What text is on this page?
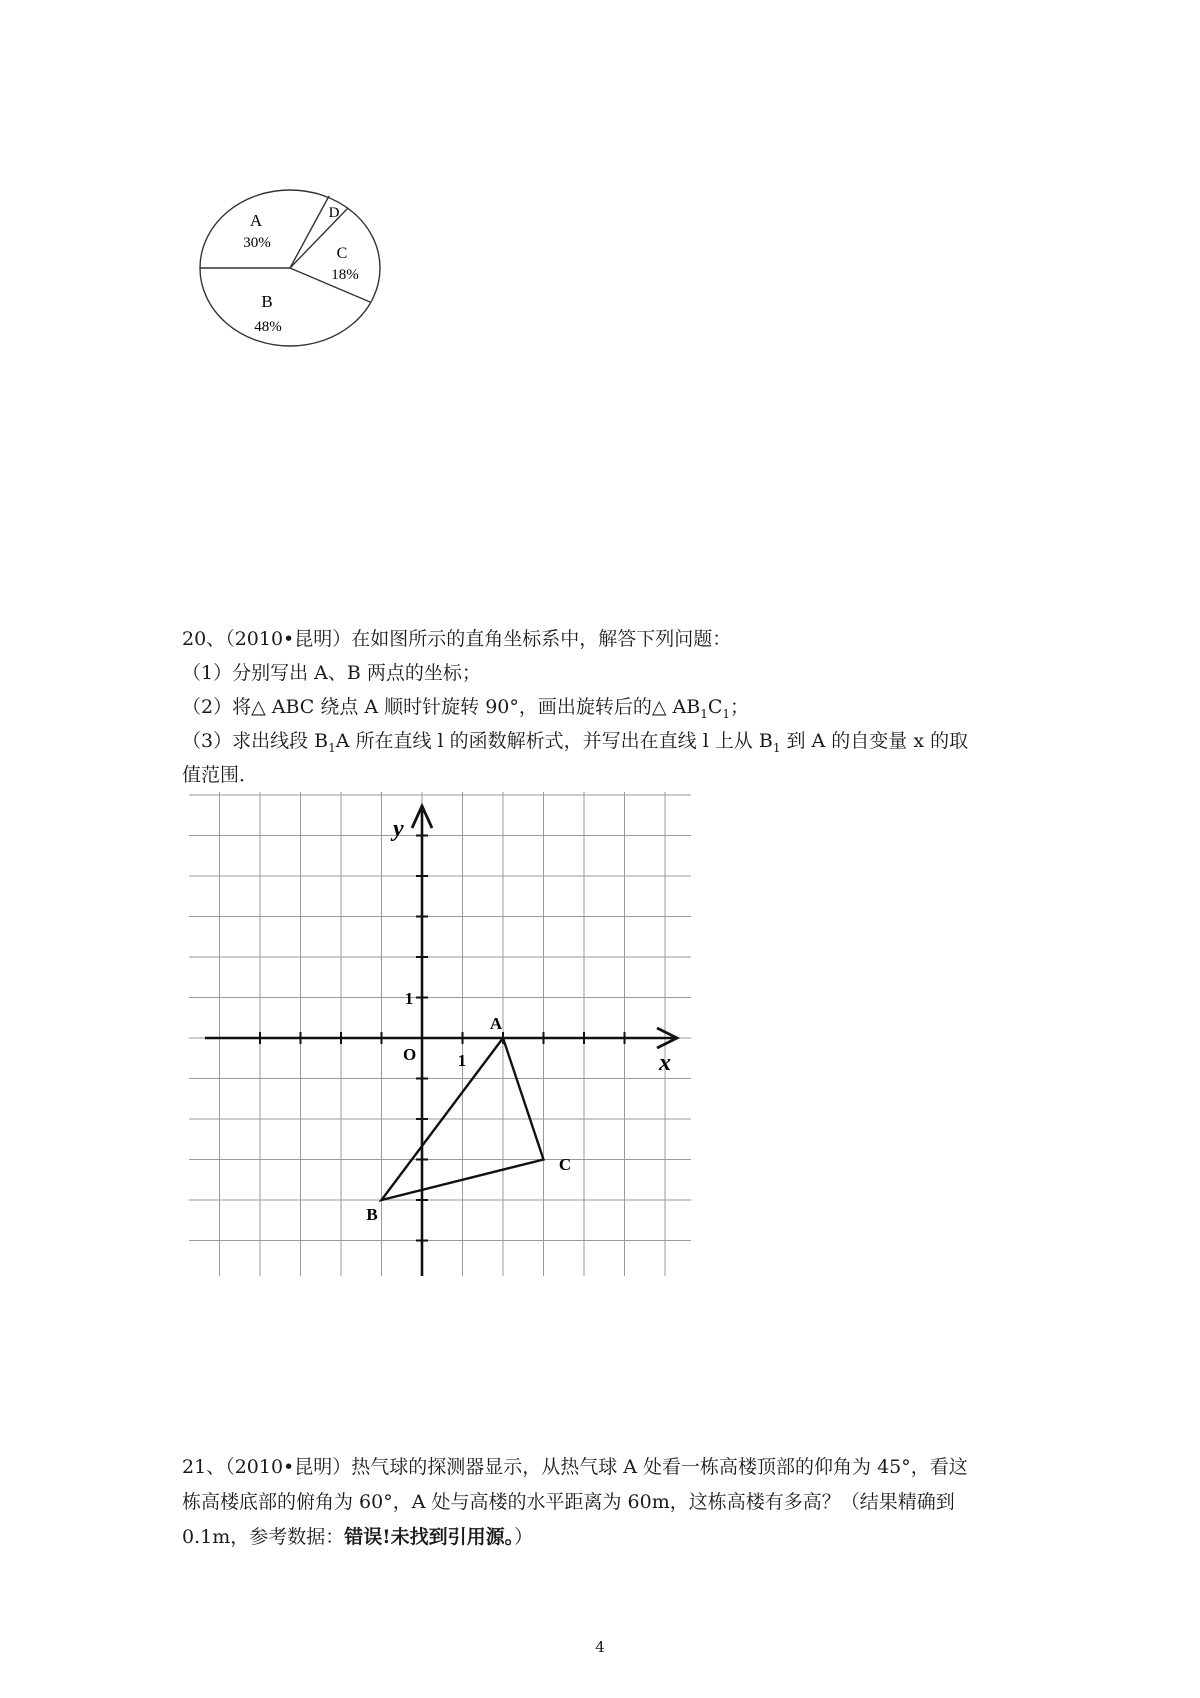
A
30%
D
C
18%
B
48%
20、（2010•昆明）在如图所示的直角坐标系中，解答下列问题：
（1）分别写出 A、B 两点的坐标；
（2）将△ ABC 绕点 A 顺时针旋转 90°，画出旋转后的△ $AB_1C_1$；
（3）求出线段 $B_1A$ 所在直线 l 的函数解析式，并写出在直线 l 上从 $B_1$ 到 A 的自变量 x 的取
值范围．
y
x
O 1
1
A
B
C
21、（2010•昆明）热气球的探测器显示，从热气球 A 处看一栋高楼顶部的仰角为 45°，看这
栋高楼底部的俯角为 60°，A 处与高楼的水平距离为 60m，这栋高楼有多高？（结果精确到
0.1m，参考数据：错误!未找到引用源。）
4
